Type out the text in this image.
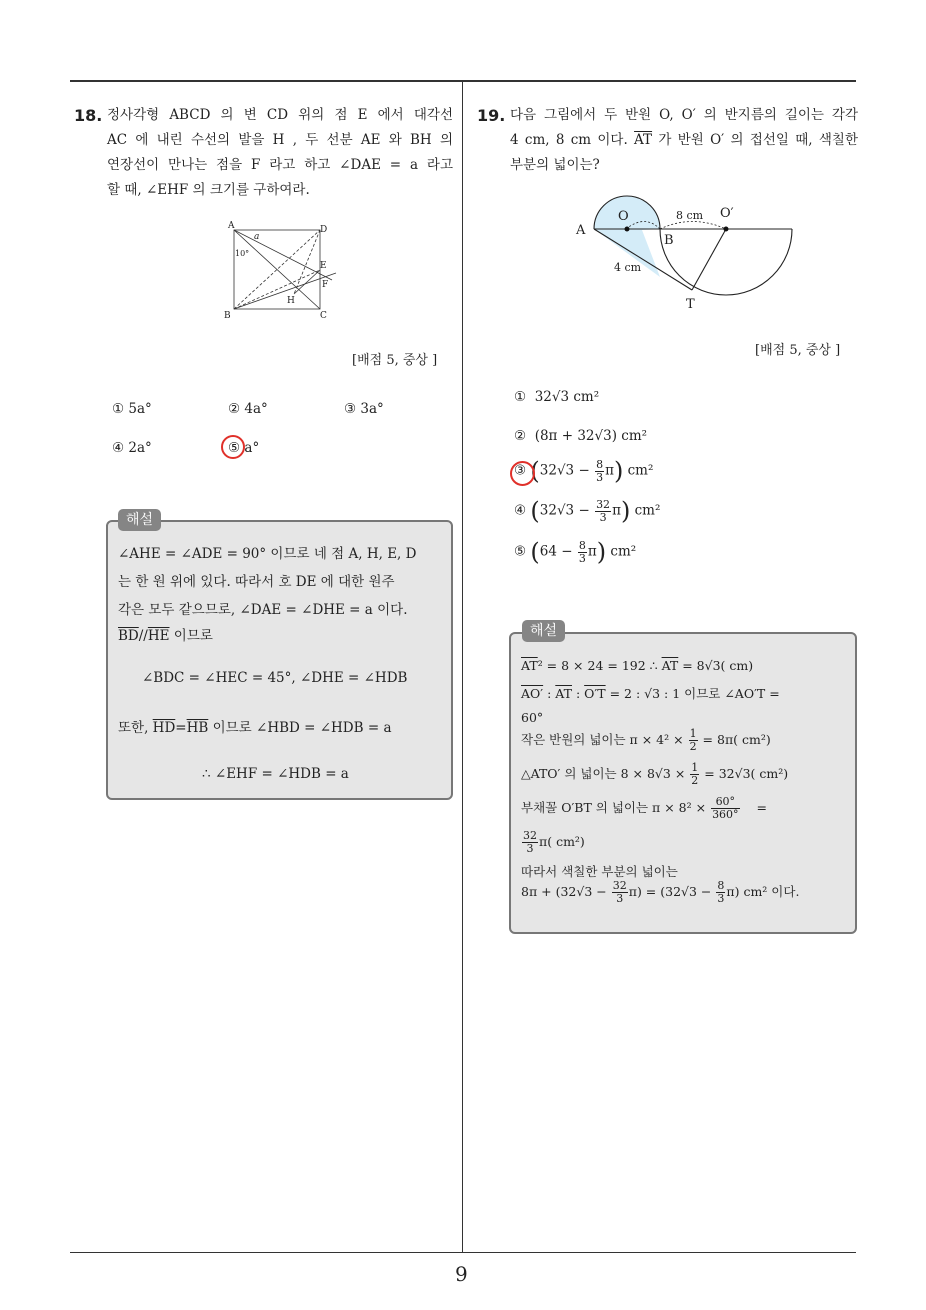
18. 정사각형 ABCD 의 변 CD 위의 점 E 에서 대각선
AC 에 내린 수선의 발을 H , 두 선분 AE 와 BH 의
연장선이 만나는 점을 F 라고 하고 ∠DAE = a 라고
할 때, ∠EHF 의 크기를 구하여라.

A	D
B	C
E
F
H
a
10°
[배점 5, 중상 ]
① 5a°	② 4a°	③ 3a°
④ 2a°	⑤ a°
∠AHE = ∠ADE = 90° 이므로 네 점 A, H, E, D
는 한 원 위에 있다. 따라서 호 DE 에 대한 원주
각은 모두 같으므로, ∠DAE = ∠DHE = a 이다.
$\overline{BD}//\overline{HE}$ 이므로
∠BDC = ∠HEC = 45°, ∠DHE = ∠HDB
또한, $\overline{HD}=\overline{HB}$ 이므로 ∠HBD = ∠HDB = a
∴ ∠EHF = ∠HDB = a
해설
19. 다음 그림에서 두 반원 O, O′ 의 반지름의 길이는 각각
4 cm, 8 cm 이다. $\overline{AT}$ 가 반원 O′ 의 접선일 때, 색칠한
부분의 넓이는?

A
O	O′
B
T
4 cm
8 cm
[배점 5, 중상 ]
① 32√3 cm²
② (8π + 32√3) cm²
③ $(32√3 - \frac{8}{3} \pi)$ cm²
④ $(32√3 - \frac{32}{3} \pi)$ cm²
⑤ $(64 - \frac{8}{3} \pi)$ cm²
$\overline{AT}^2 = 8 \times 24 = 192$ ∴ $\overline{AT} = 8√3$( cm)
AO′ : $\overline{AT}$ : O′T = 2 : √3 : 1 이므로 ∠AO′T =
60°
작은 반원의 넓이는 $\pi \times 4^2 \times \frac{1}{2} = 8\pi$( cm²)
△ATO′ 의 넓이는 $8 \times 8√3 \times \frac{1}{2} = 32√3$( cm²)
부채꼴 O′BT 의 넓이는 $\pi \times 8^2 \times \frac{60^\circ}{360^\circ}$ =
$\frac{32}{3} \pi$( cm²)
따라서 색칠한 부분의 넓이는
$8\pi + (32√3 - \frac{32}{3} \pi) = (32√3 - \frac{8}{3} \pi)$ cm² 이다.
해설
9
